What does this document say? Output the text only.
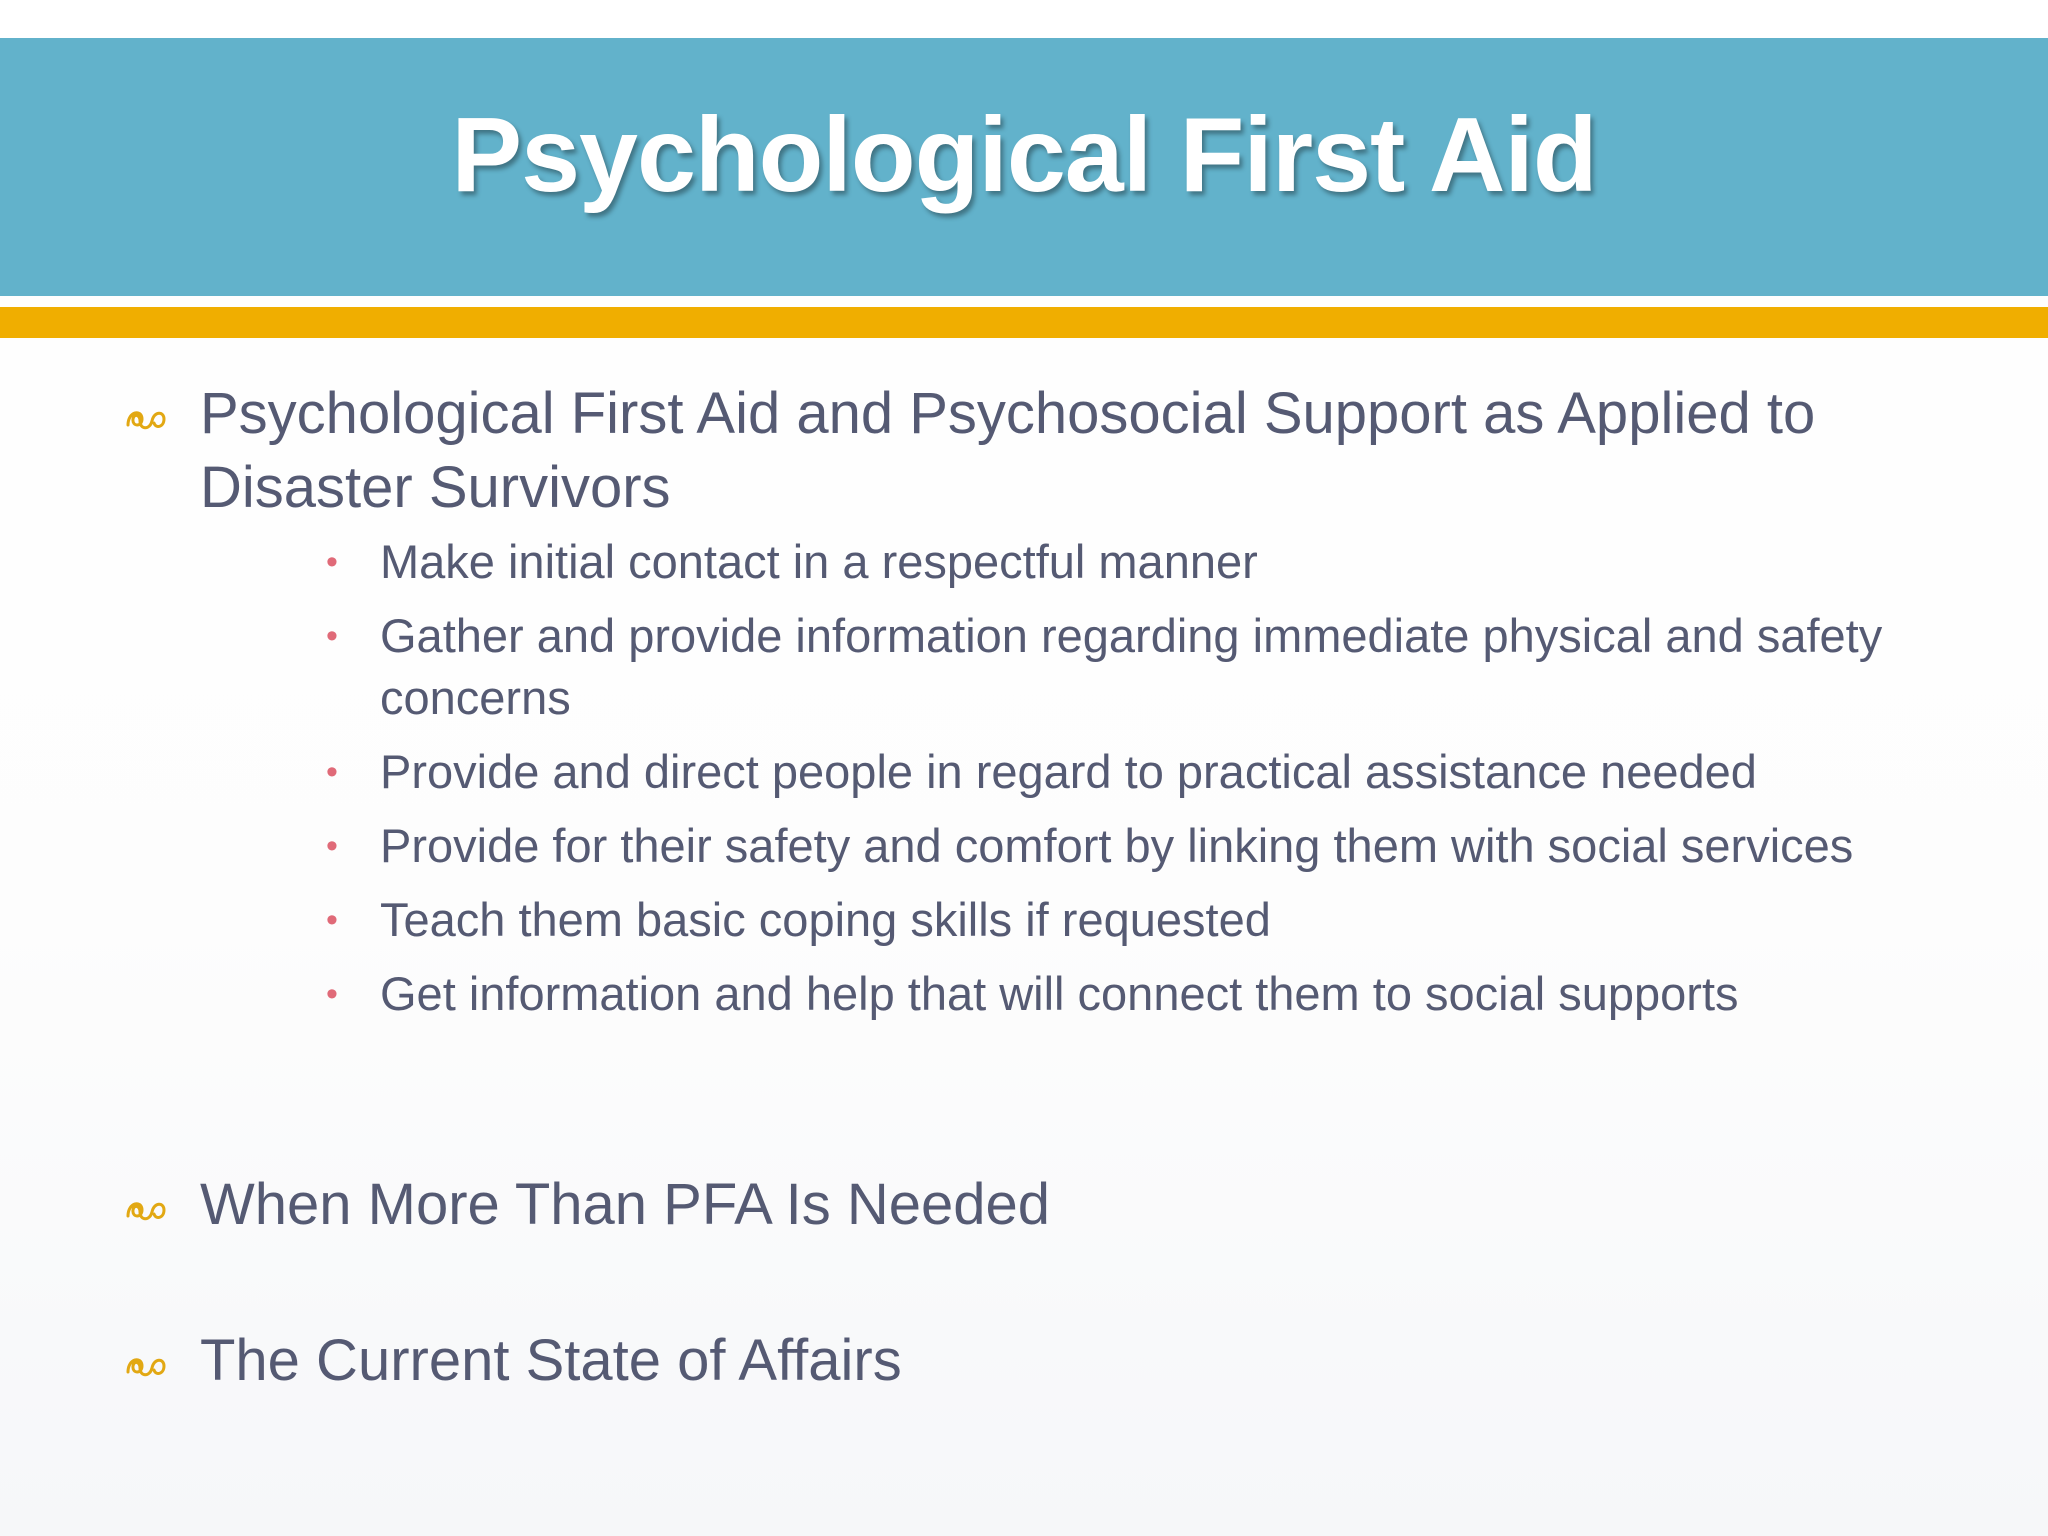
Psychological First Aid
Psychological First Aid and Psychosocial Support as Applied to Disaster Survivors
• Make initial contact in a respectful manner
• Gather and provide information regarding immediate physical and safety concerns
• Provide and direct people in regard to practical assistance needed
• Provide for their safety and comfort by linking them with social services
• Teach them basic coping skills if requested
• Get information and help that will connect them to social supports
When More Than PFA Is Needed
The Current State of Affairs
